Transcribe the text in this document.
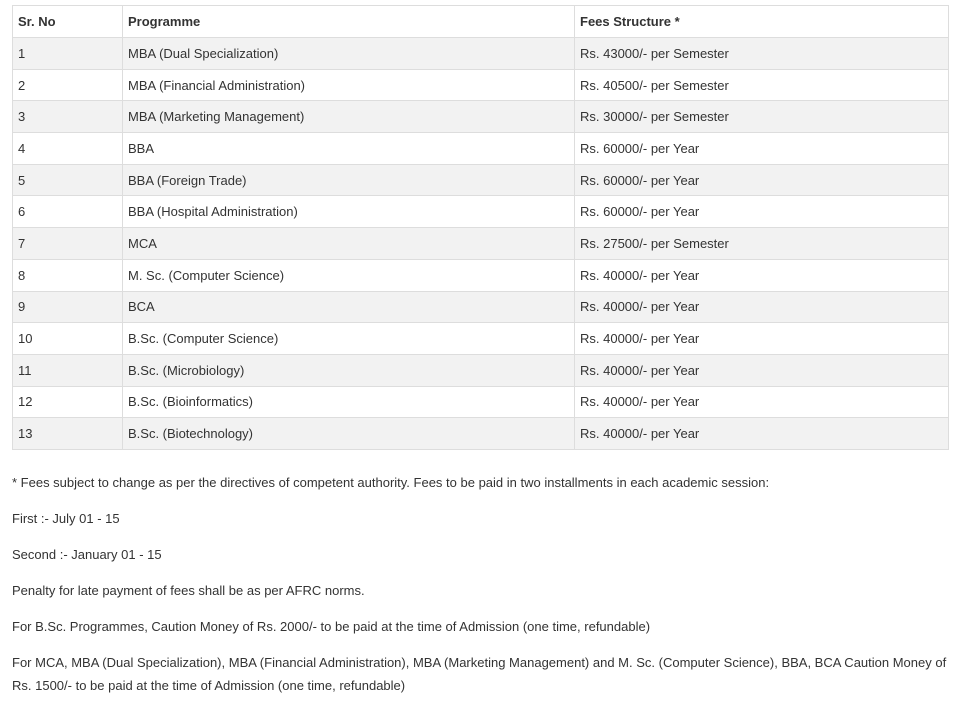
Sr. No	Programme	Fees Structure *
1	MBA (Dual Specialization)	Rs. 43000/- per Semester
2	MBA (Financial Administration)	Rs. 40500/- per Semester
3	MBA (Marketing Management)	Rs. 30000/- per Semester
4	BBA	Rs. 60000/- per Year
5	BBA (Foreign Trade)	Rs. 60000/- per Year
6	BBA (Hospital Administration)	Rs. 60000/- per Year
7	MCA	Rs. 27500/- per Semester
8	M. Sc. (Computer Science)	Rs. 40000/- per Year
9	BCA	Rs. 40000/- per Year
10	B.Sc. (Computer Science)	Rs. 40000/- per Year
11	B.Sc. (Microbiology)	Rs. 40000/- per Year
12	B.Sc. (Bioinformatics)	Rs. 40000/- per Year
13	B.Sc. (Biotechnology)	Rs. 40000/- per Year

* Fees subject to change as per the directives of competent authority. Fees to be paid in two installments in each academic session:

First :- July 01 - 15

Second :- January 01 - 15

Penalty for late payment of fees shall be as per AFRC norms.

For B.Sc. Programmes, Caution Money of Rs. 2000/- to be paid at the time of Admission (one time, refundable)

For MCA, MBA (Dual Specialization), MBA (Financial Administration), MBA (Marketing Management) and M. Sc. (Computer Science), BBA, BCA Caution Money of Rs. 1500/- to be paid at the time of Admission (one time, refundable)
